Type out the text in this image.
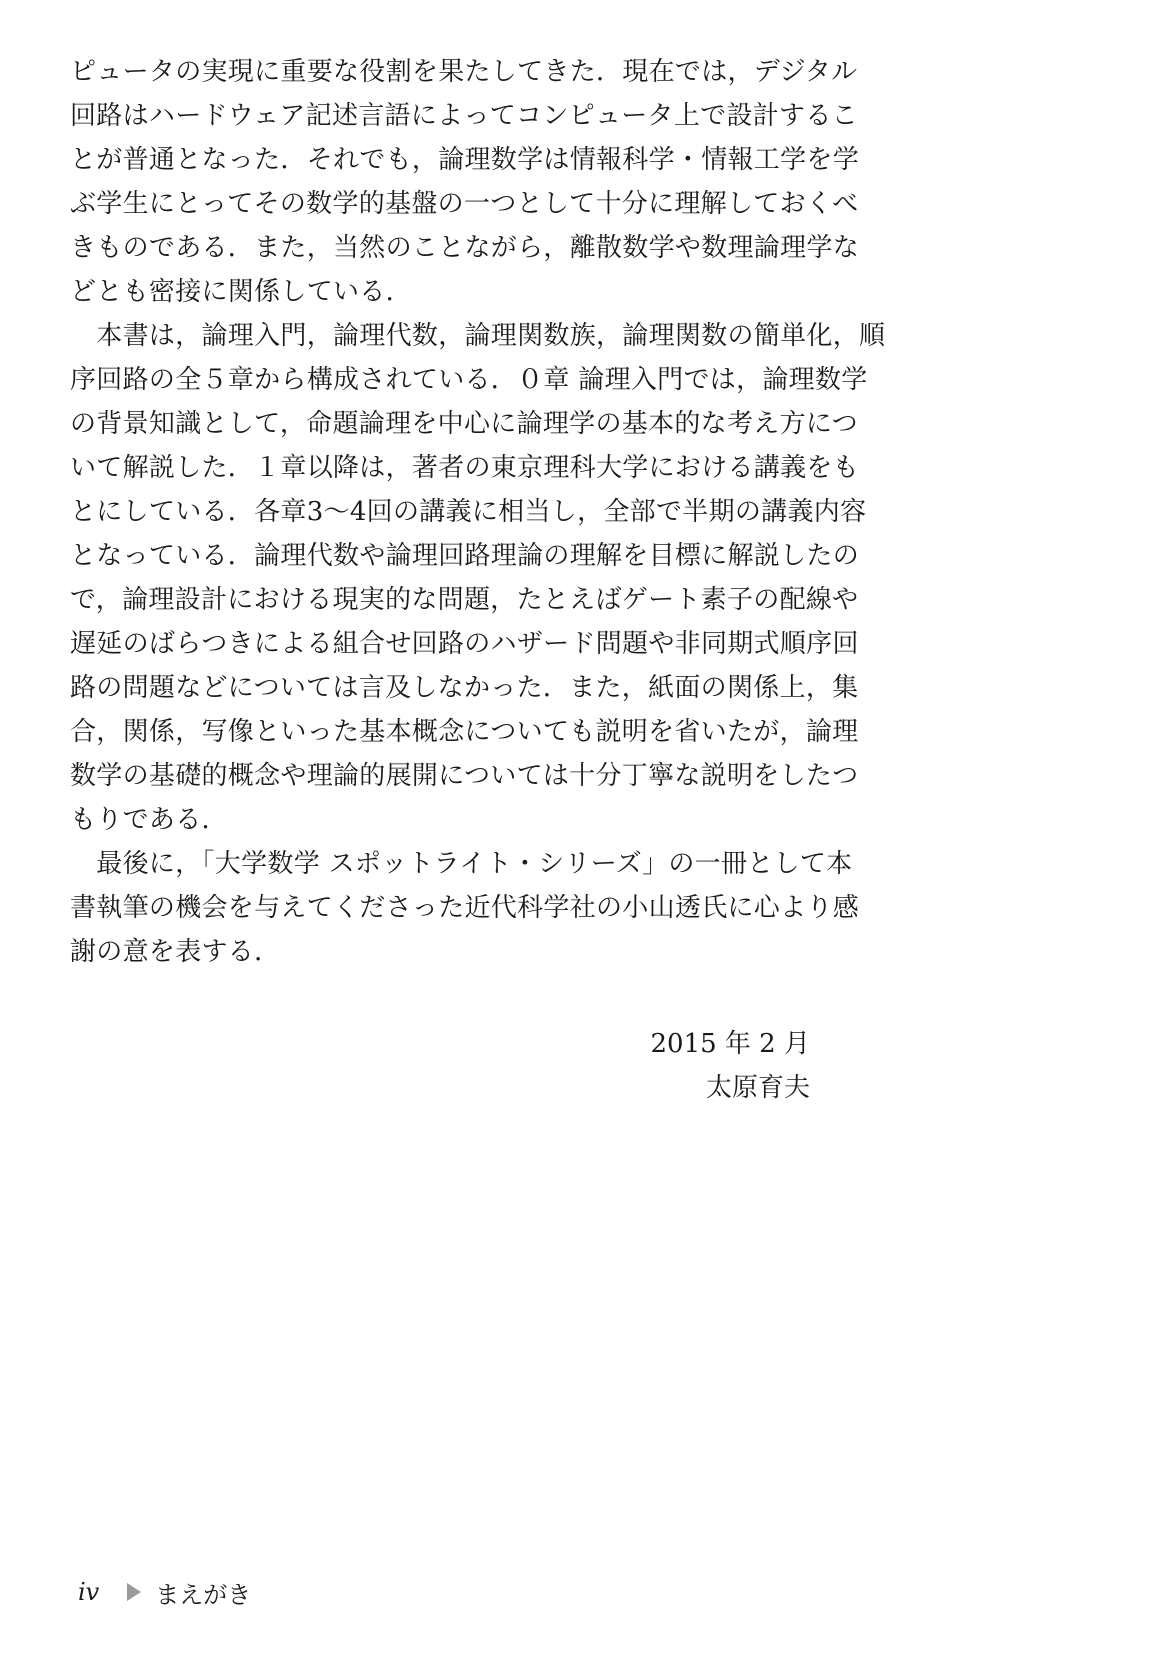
ピュータの実現に重要な役割を果たしてきた．現在では，デジタル
回路はハードウェア記述言語によってコンピュータ上で設計するこ
とが普通となった．それでも，論理数学は情報科学・情報工学を学
ぶ学生にとってその数学的基盤の一つとして十分に理解しておくべ
きものである．また，当然のことながら，離散数学や数理論理学な
どとも密接に関係している．
　本書は，論理入門，論理代数，論理関数族，論理関数の簡単化，順
序回路の全５章から構成されている．０章 論理入門では，論理数学
の背景知識として，命題論理を中心に論理学の基本的な考え方につ
いて解説した．１章以降は，著者の東京理科大学における講義をも
とにしている．各章3〜4回の講義に相当し，全部で半期の講義内容
となっている．論理代数や論理回路理論の理解を目標に解説したの
で，論理設計における現実的な問題，たとえばゲート素子の配線や
遅延のばらつきによる組合せ回路のハザード問題や非同期式順序回
路の問題などについては言及しなかった．また，紙面の関係上，集
合，関係，写像といった基本概念についても説明を省いたが，論理
数学の基礎的概念や理論的展開については十分丁寧な説明をしたつ
もりである．
　最後に，「大学数学 スポットライト・シリーズ」の一冊として本
書執筆の機会を与えてくださった近代科学社の小山透氏に心より感
謝の意を表する．
2015 年 2 月
太原育夫
iv まえがき
